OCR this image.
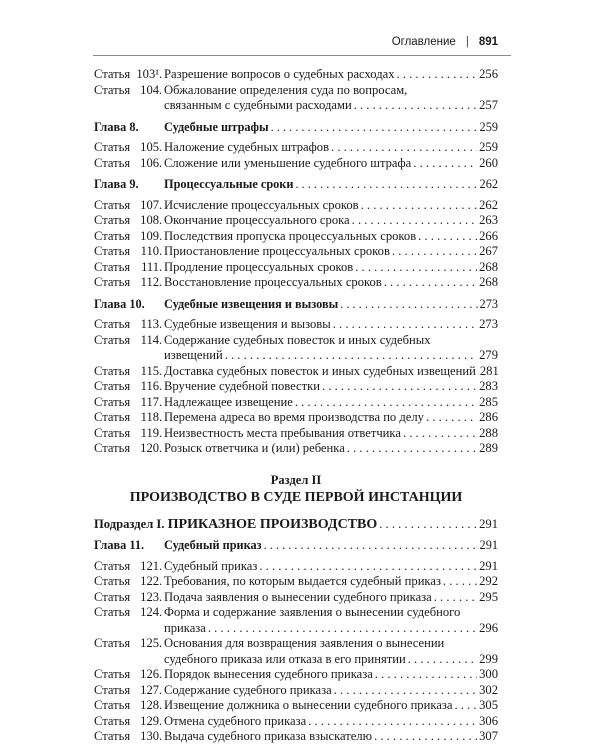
Оглавление | 891
Статья 103¹. Разрешение вопросов о судебных расходах . . .	256
Статья 104. Обжалование определения суда по вопросам,
связанным с судебными расходами . . .	257
Глава 8.	Судебные штрафы . . .	259
Статья 105. Наложение судебных штрафов . . .	259
Статья 106. Сложение или уменьшение судебного штрафа . . .	260
Глава 9.	Процессуальные сроки . . .	262
Статья 107. Исчисление процессуальных сроков . . .	262
Статья 108. Окончание процессуального срока . . .	263
Статья 109. Последствия пропуска процессуальных сроков . . .	266
Статья 110. Приостановление процессуальных сроков . . .	267
Статья 111. Продление процессуальных сроков . . .	268
Статья 112. Восстановление процессуальных сроков . . .	268
Глава 10.	Судебные извещения и вызовы . . .	273
Статья 113. Судебные извещения и вызовы . . .	273
Статья 114. Содержание судебных повесток и иных судебных
извещений . . .	279
Статья 115. Доставка судебных повесток и иных судебных извещений 281
Статья 116. Вручение судебной повестки . . .	283
Статья 117. Надлежащее извещение . . .	285
Статья 118. Перемена адреса во время производства по делу . . .	286
Статья 119. Неизвестность места пребывания ответчика . . .	288
Статья 120. Розыск ответчика и (или) ребенка . . .	289
Раздел II
ПРОИЗВОДСТВО В СУДЕ ПЕРВОЙ ИНСТАНЦИИ
Подраздел I. ПРИКАЗНОЕ ПРОИЗВОДСТВО . . .	291
Глава 11.	Судебный приказ . . .	291
Статья 121. Судебный приказ . . .	291
Статья 122. Требования, по которым выдается судебный приказ . . .	292
Статья 123. Подача заявления о вынесении судебного приказа . . .	295
Статья 124. Форма и содержание заявления о вынесении судебного
приказа . . .	296
Статья 125. Основания для возвращения заявления о вынесении
судебного приказа или отказа в его принятии . . .	299
Статья 126. Порядок вынесения судебного приказа . . .	300
Статья 127. Содержание судебного приказа . . .	302
Статья 128. Извещение должника о вынесении судебного приказа . . . 305
Статья 129. Отмена судебного приказа . . .	306
Статья 130. Выдача судебного приказа взыскателю . . .	307
